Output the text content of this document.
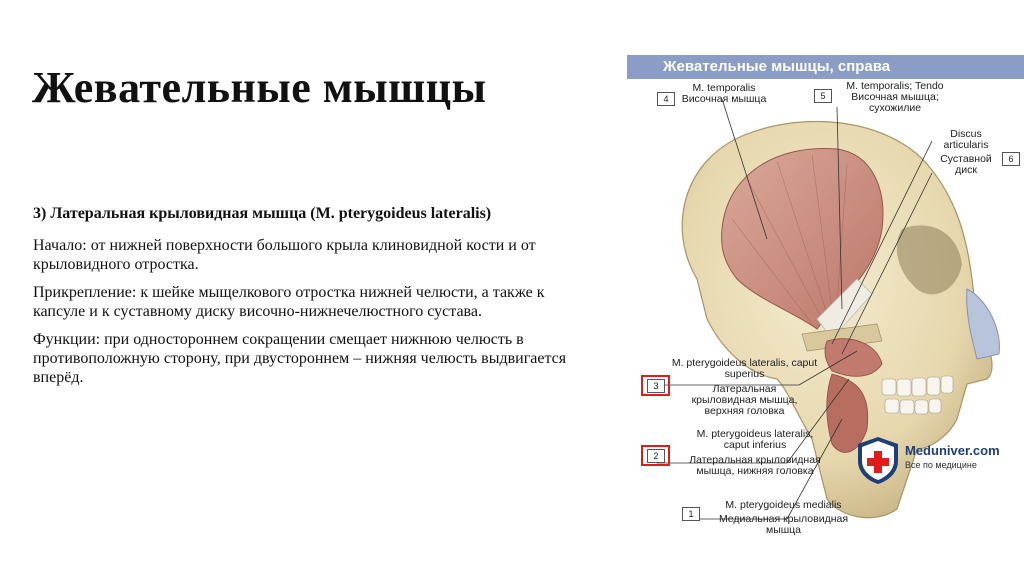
Жевательные мышцы

3) Латеральная крыловидная мышца (M. pterygoideus lateralis)

Начало: от нижней поверхности большого крыла клиновидной кости и от крыловидного отростка.

Прикрепление: к шейке мыщелкового отростка нижней челюсти, а также к капсуле и к суставному диску височно-нижнечелюстного сустава.

Функции: при одностороннем сокращении смещает нижнюю челюсть в противоположную сторону, при двустороннем – нижняя челюсть выдвигается вперёд.

Жевательные мышцы, справа
4
M. temporalis
Височная мышца	5
M. temporalis; Tendo
Височная мышца; сухожилие
6
Discus articularis
Суставной диск
3
M. pterygoideus lateralis, caput superius
Латеральная крыловидная мышца, верхняя головка
2
M. pterygoideus lateralis, caput inferius
Латеральная крыловидная мышца, нижняя головка
1
M. pterygoideus medialis
Медиальная крыловидная мышца
Meduniver.com
Все по медицине
